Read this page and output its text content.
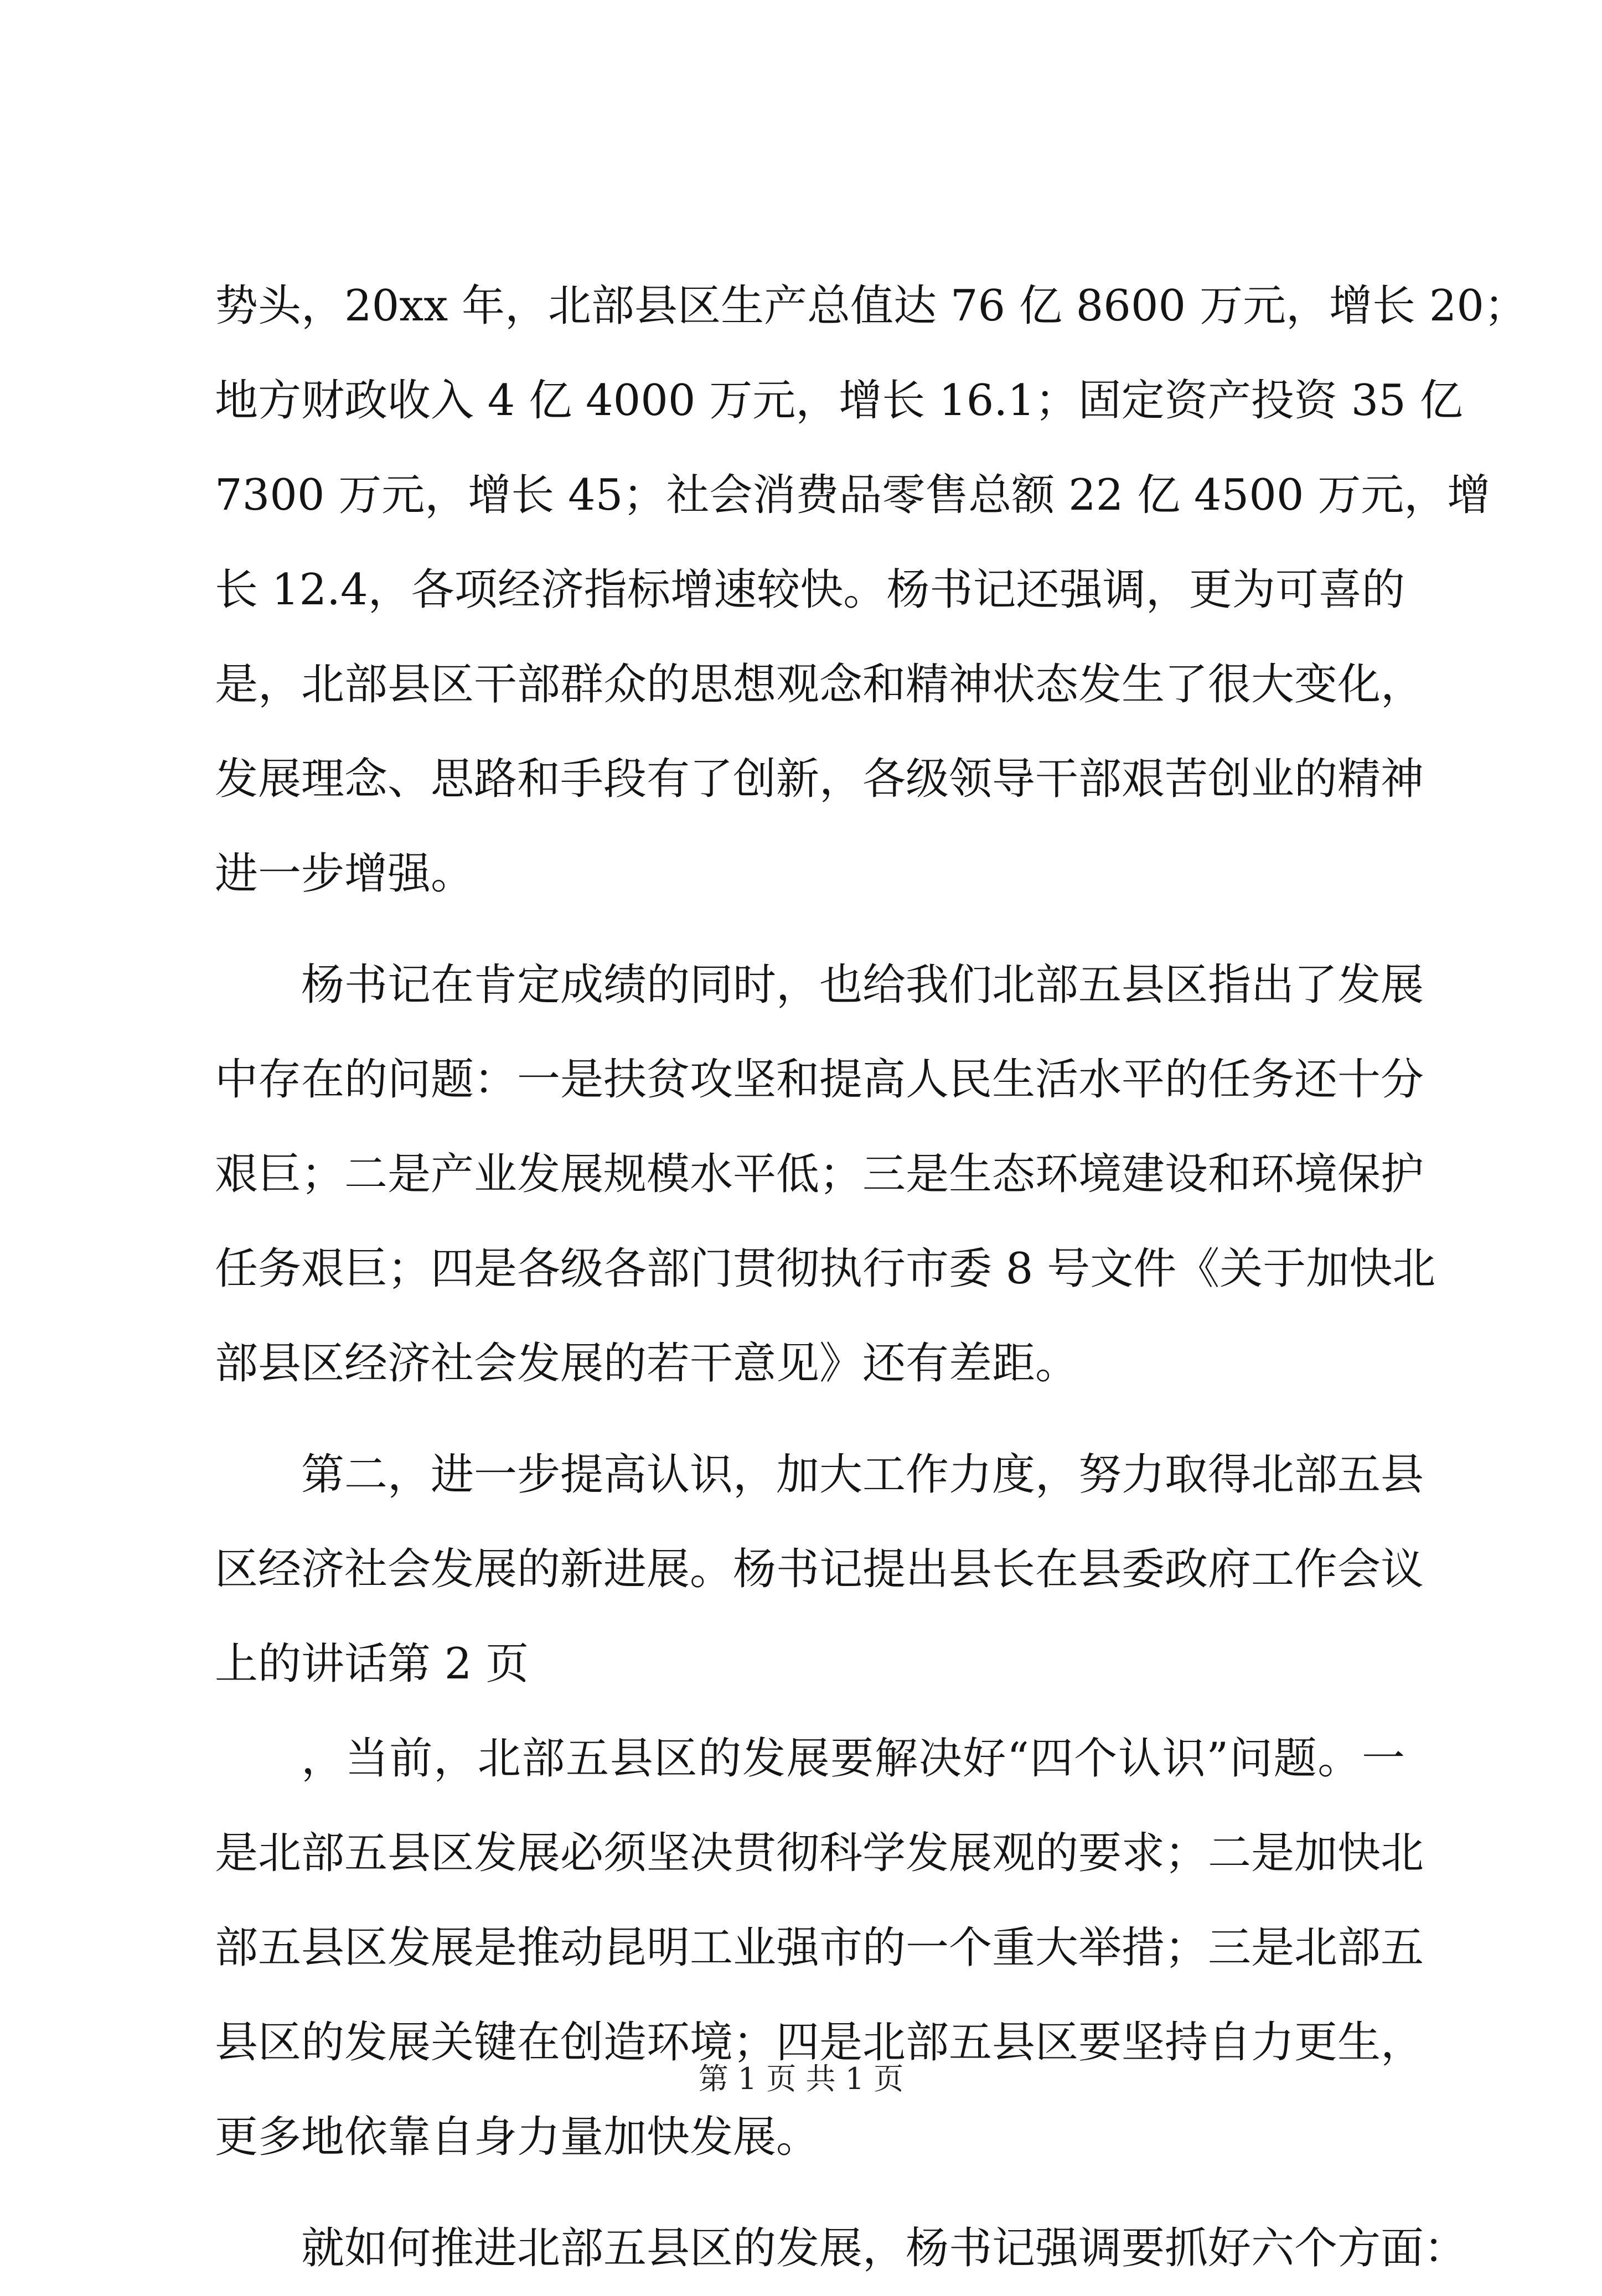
势头，20xx 年，北部县区生产总值达 76 亿 8600 万元，增长 20；
地方财政收入 4 亿 4000 万元，增长 16.1；固定资产投资 35 亿
7300 万元，增长 45；社会消费品零售总额 22 亿 4500 万元，增
长 12.4，各项经济指标增速较快。杨书记还强调，更为可喜的
是，北部县区干部群众的思想观念和精神状态发生了很大变化，
发展理念、思路和手段有了创新，各级领导干部艰苦创业的精神
进一步增强。
杨书记在肯定成绩的同时，也给我们北部五县区指出了发展
中存在的问题：一是扶贫攻坚和提高人民生活水平的任务还十分
艰巨；二是产业发展规模水平低；三是生态环境建设和环境保护
任务艰巨；四是各级各部门贯彻执行市委 8 号文件《关于加快北
部县区经济社会发展的若干意见》还有差距。
第二，进一步提高认识，加大工作力度，努力取得北部五县
区经济社会发展的新进展。杨书记提出县长在县委政府工作会议
上的讲话第 2 页
，当前，北部五县区的发展要解决好“四个认识”问题。一
是北部五县区发展必须坚决贯彻科学发展观的要求；二是加快北
部五县区发展是推动昆明工业强市的一个重大举措；三是北部五
县区的发展关键在创造环境；四是北部五县区要坚持自力更生，
更多地依靠自身力量加快发展。
就如何推进北部五县区的发展，杨书记强调要抓好六个方面：
第 1 页 共 1 页
